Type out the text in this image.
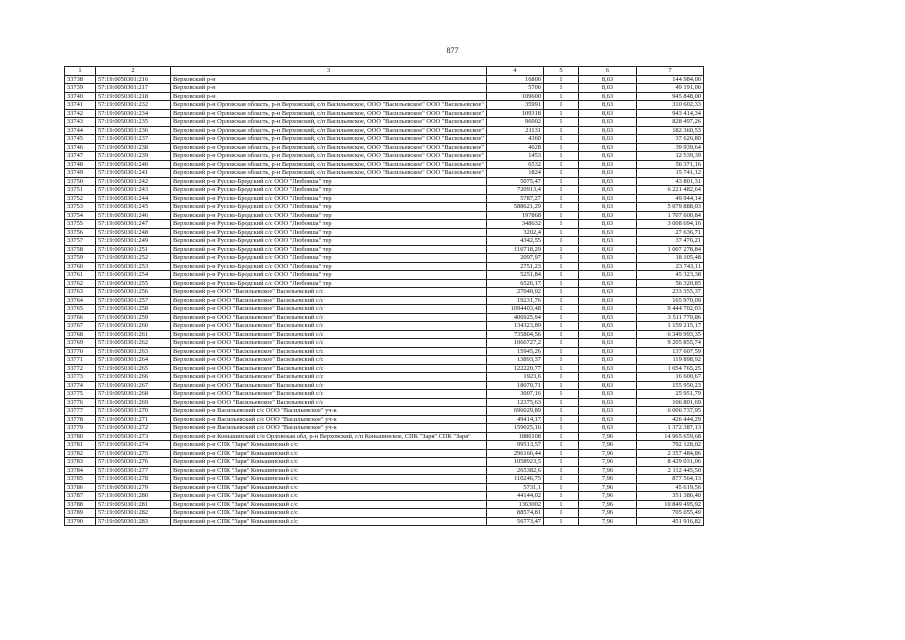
877
1	2	3	4	5	6	7
33738	57:19:0050301:216	Верховский р-н	16800	1	8,63	144 984,00
33739	57:19:0050301:217	Верховский р-н	5700	1	8,63	49 191,00
33740	57:19:0050301:218	Верховский р-н	109600	1	8,63	945 848,00
33741	57:19:0050301:232	Верховский р-н Орловская область, р-н Верховский, с/п Васильевское, ООО "Васильевское" ООО "Васильевское"	35991	1	8,63	310 602,33
33742	57:19:0050301:234	Верховский р-н Орловская область, р-н Верховский, с/п Васильевское, ООО "Васильевское" ООО "Васильевское"	109318	1	8,63	943 414,34
33743	57:19:0050301:235	Верховский р-н Орловская область, р-н Верховский, с/п Васильевское, ООО "Васильевское" ООО "Васильевское"	96002	1	8,63	828 497,26
33744	57:19:0050301:236	Верховский р-н Орловская область, р-н Верховский, с/п Васильевское, ООО "Васильевское" ООО "Васильевское"	21131	1	8,63	182 360,53
33745	57:19:0050301:237	Верховский р-н Орловская область, р-н Верховский, с/п Васильевское, ООО "Васильевское" ООО "Васильевское"	4360	1	8,63	37 626,80
33746	57:19:0050301:238	Верховский р-н Орловская область, р-н Верховский, с/п Васильевское, ООО "Васильевское" ООО "Васильевское"	4628	1	8,63	39 939,64
33747	57:19:0050301:239	Верховский р-н Орловская область, р-н Верховский, с/п Васильевское, ООО "Васильевское" ООО "Васильевское"	1453	1	8,63	12 539,39
33748	57:19:0050301:240	Верховский р-н Орловская область, р-н Верховский, с/п Васильевское, ООО "Васильевское" ООО "Васильевское"	6532	1	8,63	56 371,16
33749	57:19:0050301:241	Верховский р-н Орловская область, р-н Верховский, с/п Васильевское, ООО "Васильевское" ООО "Васильевское"	1824	1	8,63	15 741,12
33750	57:19:0050301:242	Верховский р-н Русско-Бродский с/с ООО "Любовша" тер	5075,47	1	8,63	43 801,31
33751	57:19:0050301:243	Верховский р-н Русско-Бродский с/с ООО "Любовша" тер	720913,4	1	8,63	6 221 482,64
33752	57:19:0050301:244	Верховский р-н Русско-Бродский с/с ООО "Любовша" тер	5787,27	1	8,63	49 944,14
33753	57:19:0050301:245	Верховский р-н Русско-Бродский с/с ООО "Любовша" тер	588621,29	1	8,63	5 079 888,03
33754	57:19:0050301:246	Верховский р-н Русско-Бродский с/с ООО "Любовша" тер	197868	1	8,63	1 707 600,84
33755	57:19:0050301:247	Верховский р-н Русско-Бродский с/с ООО "Любовша" тер	348632	1	8,63	3 008 694,16
33756	57:19:0050301:248	Верховский р-н Русско-Бродский с/с ООО "Любовша" тер	3202,4	1	8,63	27 636,71
33757	57:19:0050301:249	Верховский р-н Русско-Бродский с/с ООО "Любовша" тер	4342,55	1	8,63	37 476,21
33758	57:19:0050301:251	Верховский р-н Русско-Бродский с/с ООО "Любовша" тер	116718,29	1	8,63	1 007 278,84
33759	57:19:0050301:252	Верховский р-н Русско-Бродский с/с ООО "Любовша" тер	2097,97	1	8,63	18 105,48
33760	57:19:0050301:253	Верховский р-н Русско-Бродский с/с ООО "Любовша" тер	2751,23	1	8,63	23 743,11
33761	57:19:0050301:254	Верховский р-н Русско-Бродский с/с ООО "Любовша" тер	5251,84	1	8,63	45 323,38
33762	57:19:0050301:255	Верховский р-н Русско-Бродский с/с ООО "Любовша" тер	6526,17	1	8,63	56 320,85
33763	57:19:0050301:256	Верховский р-н ООО "Васильевское" Васильевский с/с	27040,02	1	8,63	233 355,37
33764	57:19:0050301:257	Верховский р-н ООО "Васильевское" Васильевский с/с	19231,76	1	8,63	165 970,09
33765	57:19:0050301:258	Верховский р-н ООО "Васильевское" Васильевский с/с	1094403,48	1	8,63	9 444 702,03
33766	57:19:0050301:259	Верховский р-н ООО "Васильевское" Васильевский с/с	406925,94	1	8,63	3 511 770,86
33767	57:19:0050301:260	Верховский р-н ООО "Васильевское" Васильевский с/с	134323,89	1	8,63	1 159 215,17
33768	57:19:0050301:261	Верховский р-н ООО "Васильевское" Васильевский с/с	735804,56	1	8,63	6 349 993,35
33769	57:19:0050301:262	Верховский р-н ООО "Васильевское" Васильевский с/с	1066727,2	1	8,63	9 205 855,74
33770	57:19:0050301:263	Верховский р-н ООО "Васильевское" Васильевский с/с	15945,26	1	8,63	137 607,59
33771	57:19:0050301:264	Верховский р-н ООО "Васильевское" Васильевский с/с	13893,37	1	8,63	119 898,92
33772	57:19:0050301:265	Верховский р-н ООО "Васильевское" Васильевский с/с	122220,77	1	8,63	1 054 765,25
33773	57:19:0050301:266	Верховский р-н ООО "Васильевское" Васильевский с/с	1923,6	1	8,63	16 600,67
33774	57:19:0050301:267	Верховский р-н ООО "Васильевское" Васильевский с/с	18070,71	1	8,63	155 950,23
33775	57:19:0050301:268	Верховский р-н ООО "Васильевское" Васильевский с/с	3007,16	1	8,63	25 951,79
33776	57:19:0050301:269	Верховский р-н ООО "Васильевское" Васильевский с/с	12375,63	1	8,63	106 801,69
33777	57:19:0050301:270	Верховский р-н Васильевский с/с ООО "Васильевское" уч-к	696029,89	1	8,63	6 006 737,95
33778	57:19:0050301:271	Верховский р-н Васильевский с/с ООО "Васильевское" уч-к	49414,17	1	8,63	426 444,29
33779	57:19:0050301:272	Верховский р-н Васильевский с/с ООО "Васильевское" уч-к	159025,16	1	8,63	1 372 387,13
33780	57:19:0050301:273	Верховский р-н Коньшинский с/п Орловская обл, р-н Верховский, с/п Коньшинское, СПК "Заря" СПК "Заря"	1880108	1	7,96	14 965 659,68
33781	57:19:0050301:274	Верховский р-н СПК "Заря" Коньшинский с/с	99513,57	1	7,96	792 128,02
33782	57:19:0050301:275	Верховский р-н СПК "Заря" Коньшинский с/с	296166,44	1	7,96	2 357 484,86
33783	57:19:0050301:276	Верховский р-н СПК "Заря" Коньшинский с/с	1058923,5	1	7,96	8 429 031,06
33784	57:19:0050301:277	Верховский р-н СПК "Заря" Коньшинский с/с	265382,6	1	7,96	2 112 445,50
33785	57:19:0050301:278	Верховский р-н СПК "Заря" Коньшинский с/с	110246,75	1	7,96	877 564,13
33786	57:19:0050301:279	Верховский р-н СПК "Заря" Коньшинский с/с	5731,1	1	7,96	45 619,56
33787	57:19:0050301:280	Верховский р-н СПК "Заря" Коньшинский с/с	44144,02	1	7,96	351 386,40
33788	57:19:0050301:281	Верховский р-н СПК "Заря" Коньшинский с/с	1363002	1	7,96	10 849 495,92
33789	57:19:0050301:282	Верховский р-н СПК "Заря" Коньшинский с/с	88574,81	1	7,96	705 055,49
33790	57:19:0050301:283	Верховский р-н СПК "Заря" Коньшинский с/с	56773,47	1	7,96	451 916,82
